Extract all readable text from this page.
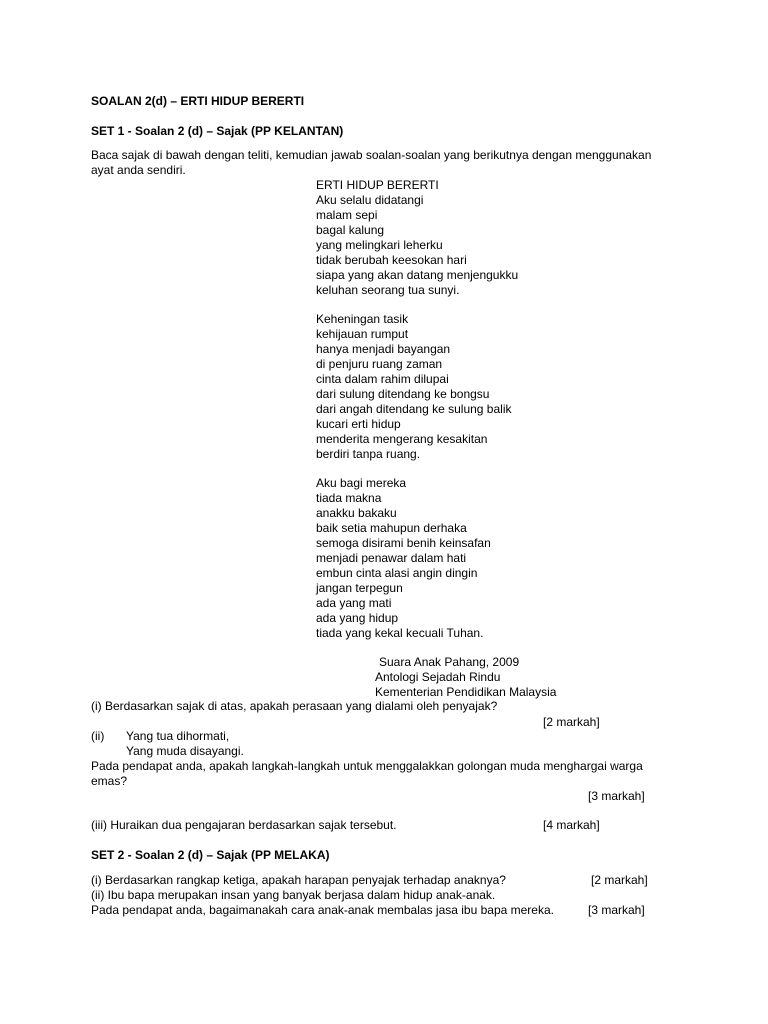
SOALAN 2(d) – ERTI HIDUP BERERTI
SET 1 - Soalan 2 (d) – Sajak (PP KELANTAN)
Baca sajak di bawah dengan teliti, kemudian jawab soalan-soalan yang berikutnya dengan menggunakan
ayat anda sendiri.
ERTI HIDUP BERERTI
Aku selalu didatangi
malam sepi
bagal kalung
yang melingkari leherku
tidak berubah keesokan hari
siapa yang akan datang menjengukku
keluhan seorang tua sunyi.
Keheningan tasik
kehijauan rumput
hanya menjadi bayangan
di penjuru ruang zaman
cinta dalam rahim dilupai
dari sulung ditendang ke bongsu
dari angah ditendang ke sulung balik
kucari erti hidup
menderita mengerang kesakitan
berdiri tanpa ruang.
Aku bagi mereka
tiada makna
anakku bakaku
baik setia mahupun derhaka
semoga disirami benih keinsafan
menjadi penawar dalam hati
embun cinta alasi angin dingin
jangan terpegun
ada yang mati
ada yang hidup
tiada yang kekal kecuali Tuhan.
Suara Anak Pahang, 2009
Antologi Sejadah Rindu
Kementerian Pendidikan Malaysia
(i) Berdasarkan sajak di atas, apakah perasaan yang dialami oleh penyajak?
[2 markah]
(ii) Yang tua dihormati,
Yang muda disayangi.
Pada pendapat anda, apakah langkah-langkah untuk menggalakkan golongan muda menghargai warga
emas?
[3 markah]
(iii) Huraikan dua pengajaran berdasarkan sajak tersebut.	[4 markah]
SET 2 - Soalan 2 (d) – Sajak (PP MELAKA)
(i) Berdasarkan rangkap ketiga, apakah harapan penyajak terhadap anaknya?	[2 markah]
(ii) Ibu bapa merupakan insan yang banyak berjasa dalam hidup anak-anak.
Pada pendapat anda, bagaimanakah cara anak-anak membalas jasa ibu bapa mereka.	[3 markah]
